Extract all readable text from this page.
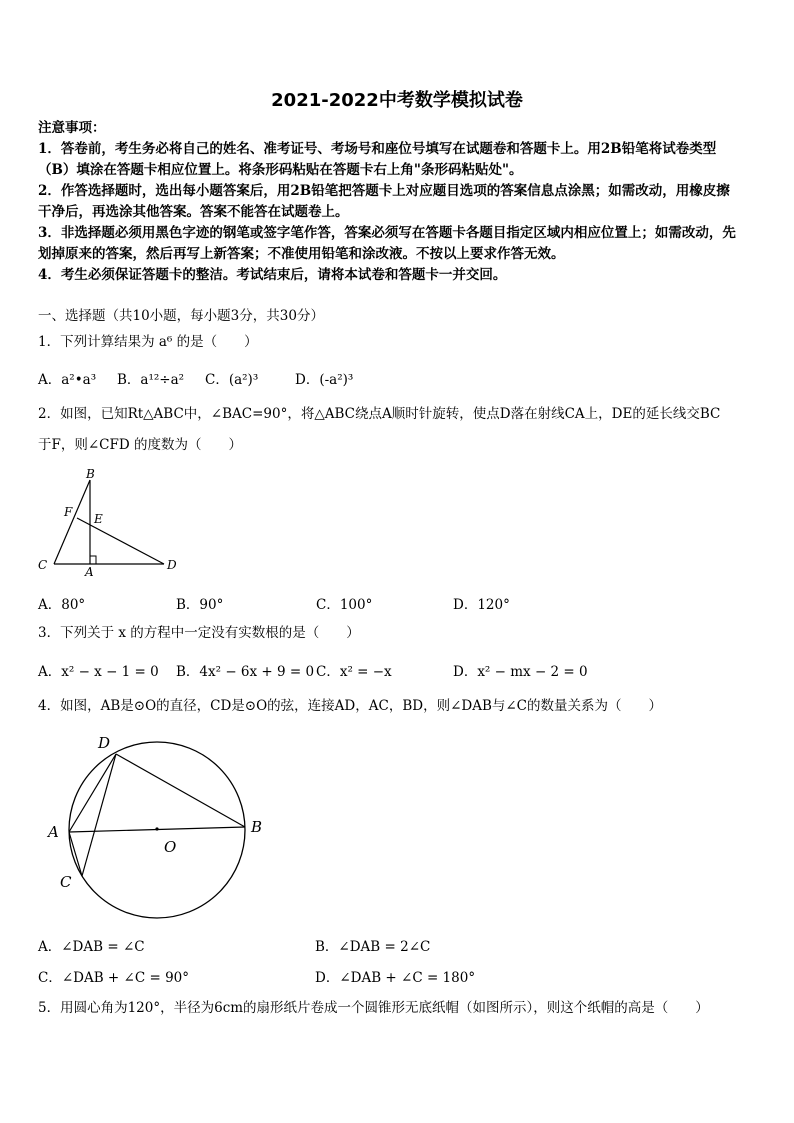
2021-2022中考数学模拟试卷
注意事项：
1．答卷前，考生务必将自己的姓名、准考证号、考场号和座位号填写在试题卷和答题卡上。用2B铅笔将试卷类型
（B）填涂在答题卡相应位置上。将条形码粘贴在答题卡右上角"条形码粘贴处"。
2．作答选择题时，选出每小题答案后，用2B铅笔把答题卡上对应题目选项的答案信息点涂黑；如需改动，用橡皮擦
干净后，再选涂其他答案。答案不能答在试题卷上。
3．非选择题必须用黑色字迹的钢笔或签字笔作答，答案必须写在答题卡各题目指定区域内相应位置上；如需改动，先
划掉原来的答案，然后再写上新答案；不准使用铅笔和涂改液。不按以上要求作答无效。
4．考生必须保证答题卡的整洁。考试结束后，请将本试卷和答题卡一并交回。
一、选择题（共10小题，每小题3分，共30分）
1．下列计算结果为 a⁶ 的是（　　）
A．a²•a³ B．a¹²÷a² C．(a²)³	D．(-a²)³
2．如图，已知Rt△ABC中，∠BAC=90°，将△ABC绕点A顺时针旋转，使点D落在射线CA上，DE的延长线交BC
于F，则∠CFD 的度数为（　　）
B
F E
C	A	D
A．80°	B．90°	C．100°	D．120°
3．下列关于 x 的方程中一定没有实数根的是（　　）
A．x² − x − 1 = 0 B．4x² − 6x + 9 = 0 C．x² = −x	D．x² − mx − 2 = 0
4．如图，AB是⊙O的直径，CD是⊙O的弦，连接AD，AC，BD，则∠DAB与∠C的数量关系为（　　）
D
A	B
O
C
A．∠DAB = ∠C	B．∠DAB = 2∠C
C．∠DAB + ∠C = 90°	D．∠DAB + ∠C = 180°
5．用圆心角为120°，半径为6cm的扇形纸片卷成一个圆锥形无底纸帽（如图所示），则这个纸帽的高是（　　）
